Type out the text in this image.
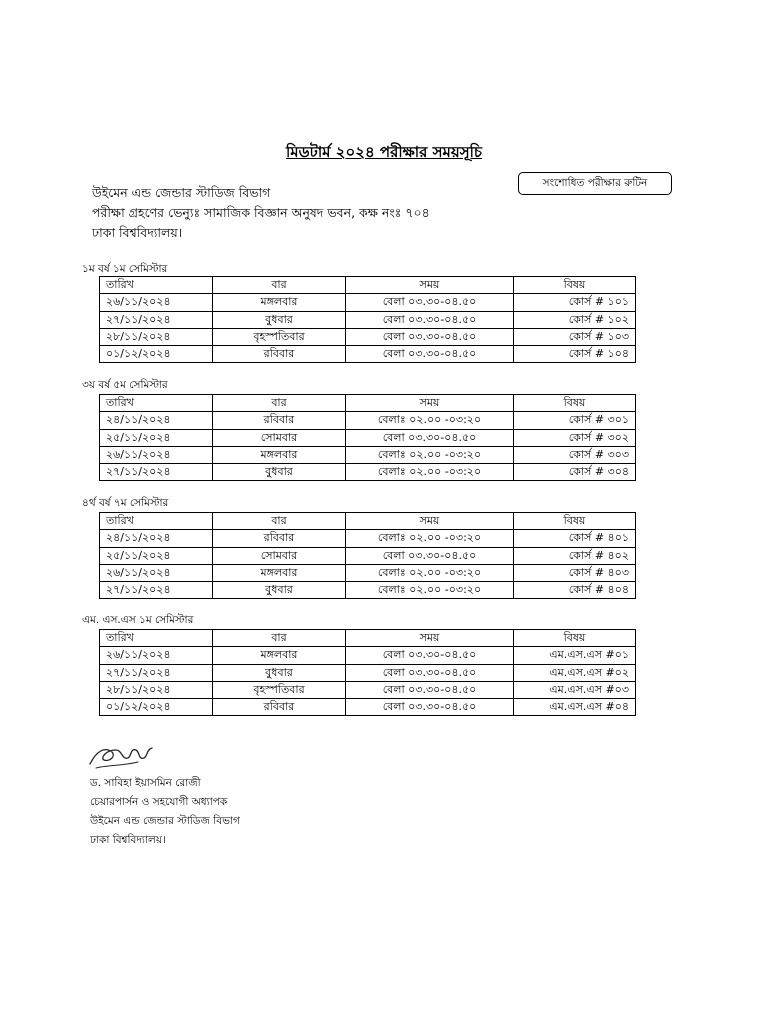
মিডটার্ম ২০২৪ পরীক্ষার সময়সূচি
সংশোধিত পরীক্ষার রুটিন
উইমেন এন্ড জেন্ডার স্টাডিজ বিভাগ
পরীক্ষা গ্রহণের ভেন্যুঃ সামাজিক বিজ্ঞান অনুষদ ভবন, কক্ষ নংঃ ৭০৪
ঢাকা বিশ্ববিদ্যালয়।
১ম বর্ষ ১ম সেমিস্টার
তারিখ	বার	সময়	বিষয়
২৬/১১/২০২৪	মঙ্গলবার	বেলা ০৩.৩০-০৪.৫০	কোর্স # ১০১
২৭/১১/২০২৪	বুধবার	বেলা ০৩.৩০-০৪.৫০	কোর্স # ১০২
২৮/১১/২০২৪	বৃহস্পতিবার	বেলা ০৩.৩০-০৪.৫০	কোর্স # ১০৩
০১/১২/২০২৪	রবিবার	বেলা ০৩.৩০-০৪.৫০	কোর্স # ১০৪
৩য় বর্ষ ৫ম সেমিস্টার
তারিখ	বার	সময়	বিষয়
২৪/১১/২০২৪	রবিবার	বেলাঃ ০২.০০ -০৩:২০	কোর্স # ৩০১
২৫/১১/২০২৪	সোমবার	বেলা ০৩.৩০-০৪.৫০	কোর্স # ৩০২
২৬/১১/২০২৪	মঙ্গলবার	বেলাঃ ০২.০০ -০৩:২০	কোর্স # ৩০৩
২৭/১১/২০২৪	বুধবার	বেলাঃ ০২.০০ -০৩:২০	কোর্স # ৩০৪
৪র্থ বর্ষ ৭ম সেমিস্টার
তারিখ	বার	সময়	বিষয়
২৪/১১/২০২৪	রবিবার	বেলাঃ ০২.০০ -০৩:২০	কোর্স # ৪০১
২৫/১১/২০২৪	সোমবার	বেলা ০৩.৩০-০৪.৫০	কোর্স # ৪০২
২৬/১১/২০২৪	মঙ্গলবার	বেলাঃ ০২.০০ -০৩:২০	কোর্স # ৪০৩
২৭/১১/২০২৪	বুধবার	বেলাঃ ০২.০০ -০৩:২০	কোর্স # ৪০৪
এম. এস.এস ১ম সেমিস্টার
তারিখ	বার	সময়	বিষয়
২৬/১১/২০২৪	মঙ্গলবার	বেলা ০৩.৩০-০৪.৫০	এম.এস.এস #০১
২৭/১১/২০২৪	বুধবার	বেলা ০৩.৩০-০৪.৫০	এম.এস.এস #০২
২৮/১১/২০২৪	বৃহস্পতিবার	বেলা ০৩.৩০-০৪.৫০	এম.এস.এস #০৩
০১/১২/২০২৪	রবিবার	বেলা ০৩.৩০-০৪.৫০	এম.এস.এস #০৪
ড. সাবিহা ইয়াসমিন রোজী
চেয়ারপার্সন ও সহযোগী অধ্যাপক
উইমেন এন্ড জেন্ডার স্টাডিজ বিভাগ
ঢাকা বিশ্ববিদ্যালয়।
